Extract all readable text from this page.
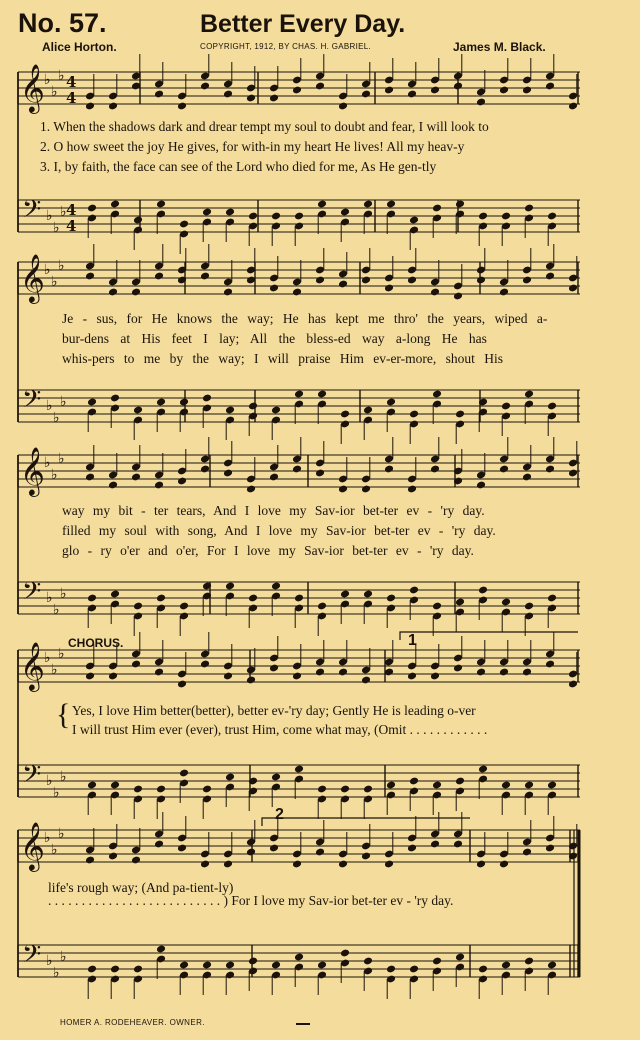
No. 57.	Better Every Day.
Alice Horton.	COPYRIGHT, 1912, BY CHAS. H. GABRIEL.	James M. Black.
𝄞 ♭
♭
♭
𝄢 ♭
♭
♭
4
4
4
4
𝄞 ♭
♭
♭
𝄢 ♭
♭
♭
𝄞 ♭
♭
♭
𝄢 ♭
♭
♭
𝄞 ♭
♭
♭
𝄢 ♭
♭
♭
𝄞 ♭
♭
♭
𝄢 ♭
♭
♭
1. When the shadows dark and drear tempt my soul to doubt and fear, I will look to
2. O how sweet the joy He gives, for with-in my heart He lives! All my heav-y
3. I, by faith, the face can see of the Lord who died for me, As He gen-tly
Je - sus, for He knows the way; He has kept me thro' the years, wiped a-
bur-dens at His feet I lay; All the bless-ed way a-long He has
whis-pers to me by the way; I will praise Him ev-er-more, shout His
way my bit - ter tears, And I love my Sav-ior bet-ter ev - 'ry day.
filled my soul with song, And I love my Sav-ior bet-ter ev - 'ry day.
glo - ry o'er and o'er, For I love my Sav-ior bet-ter ev - 'ry day.
CHORUS.	1
{ Yes, I love Him better(better), better ev-'ry day; Gently He is leading o-ver
I will trust Him ever (ever), trust Him, come what may, (Omit . . . . . . . . . . . .
2
life's rough way; (And pa-tient-ly)
. . . . . . . . . . . . . . . . . . . . . . . . . . ) For I love my Sav-ior bet-ter ev - 'ry day.
HOMER A. RODEHEAVER. OWNER.
